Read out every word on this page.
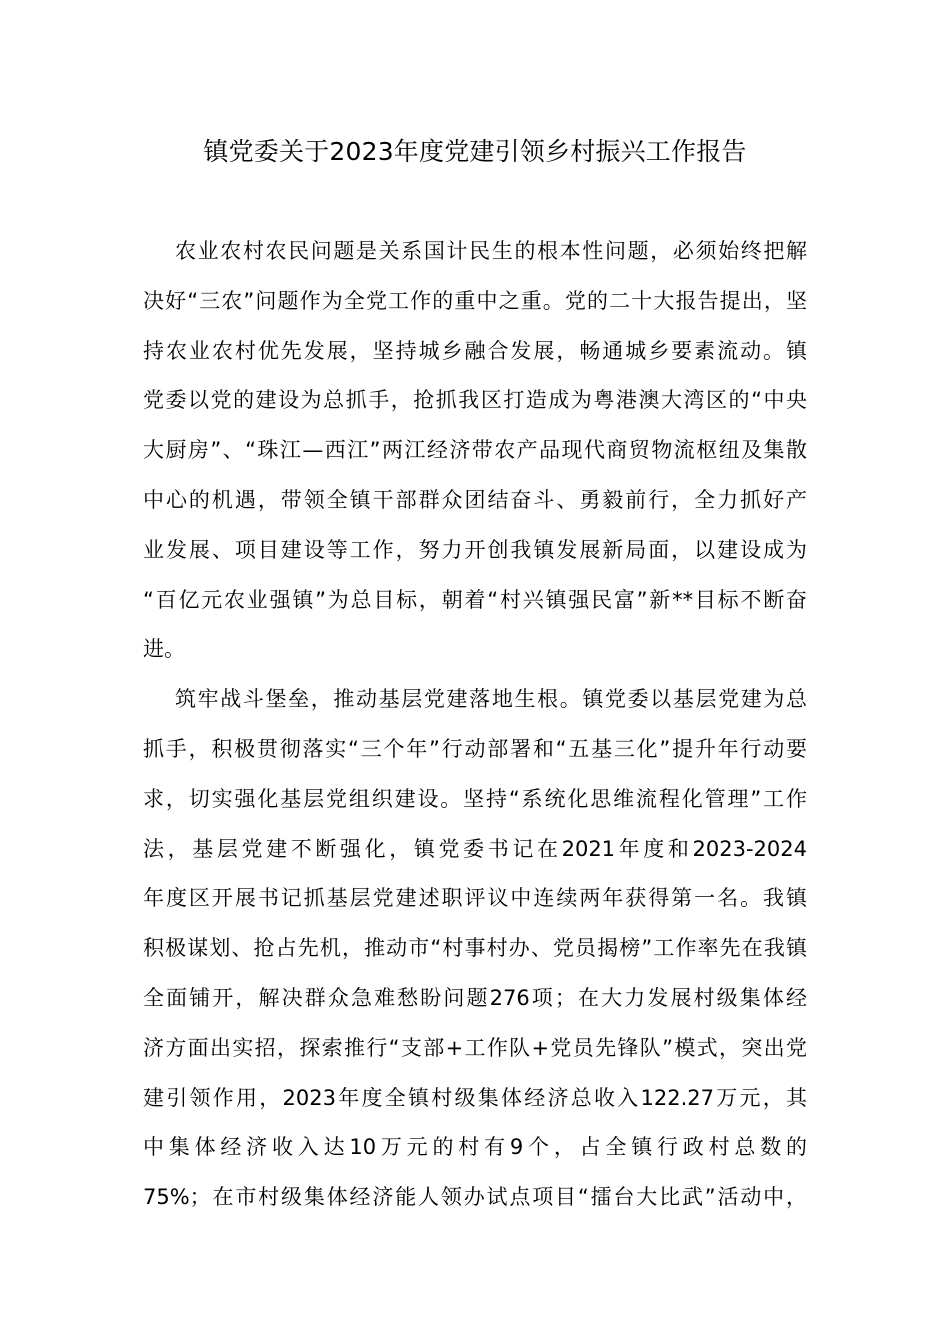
镇党委关于2023年度党建引领乡村振兴工作报告
农业农村农民问题是关系国计民生的根本性问题，必须始终把解
决好“三农”问题作为全党工作的重中之重。党的二十大报告提出，坚
持农业农村优先发展，坚持城乡融合发展，畅通城乡要素流动。镇
党委以党的建设为总抓手，抢抓我区打造成为粤港澳大湾区的“中央
大厨房”、“珠江—西江”两江经济带农产品现代商贸物流枢纽及集散
中心的机遇，带领全镇干部群众团结奋斗、勇毅前行，全力抓好产
业发展、项目建设等工作，努力开创我镇发展新局面，以建设成为
“百亿元农业强镇”为总目标，朝着“村兴镇强民富”新**目标不断奋
进。
筑牢战斗堡垒，推动基层党建落地生根。镇党委以基层党建为总
抓手，积极贯彻落实“三个年”行动部署和“五基三化”提升年行动要
求，切实强化基层党组织建设。坚持“系统化思维流程化管理”工作
法，基层党建不断强化，镇党委书记在2021年度和2023-2024
年度区开展书记抓基层党建述职评议中连续两年获得第一名。我镇
积极谋划、抢占先机，推动市“村事村办、党员揭榜”工作率先在我镇
全面铺开，解决群众急难愁盼问题276项；在大力发展村级集体经
济方面出实招，探索推行“支部+工作队+党员先锋队”模式，突出党
建引领作用，2023年度全镇村级集体经济总收入122.27万元，其
中集体经济收入达10万元的村有9个，占全镇行政村总数的
75%；在市村级集体经济能人领办试点项目“擂台大比武”活动中，
